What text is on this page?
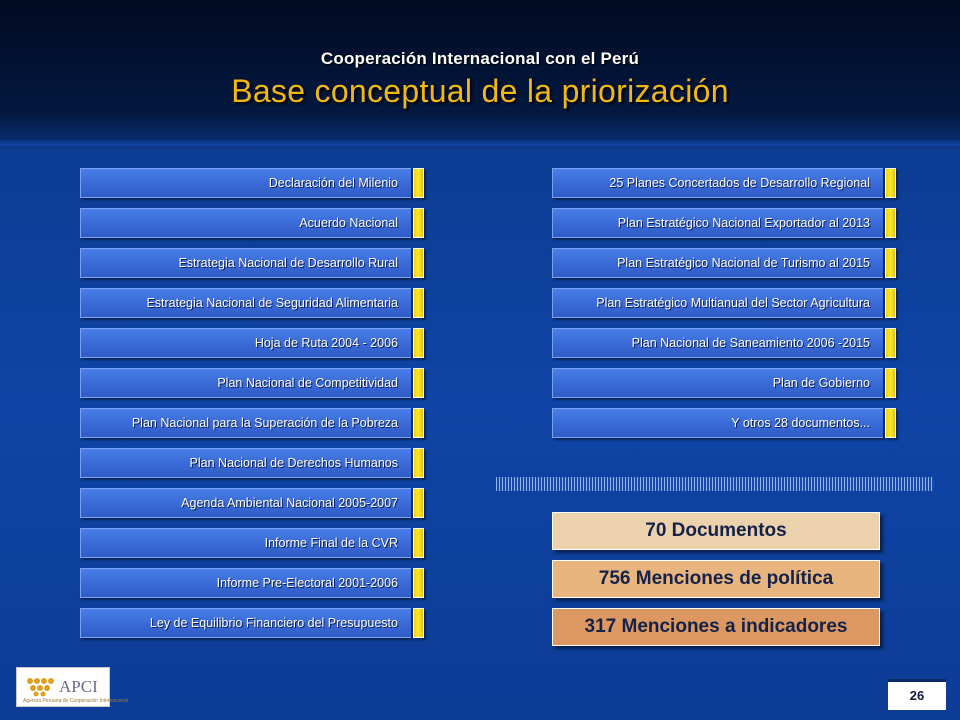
Cooperación Internacional con el Perú
Base conceptual de la priorización
Declaración del Milenio
Acuerdo Nacional
Estrategia Nacional de Desarrollo Rural
Estrategia Nacional de Seguridad Alimentaria
Hoja de Ruta 2004 - 2006
Plan Nacional de Competitividad
Plan Nacional para la Superación de la Pobreza
Plan Nacional de Derechos Humanos
Agenda Ambiental Nacional 2005-2007
Informe Final de la CVR
Informe Pre-Electoral 2001-2006
Ley de Equilibrio Financiero del Presupuesto
25 Planes Concertados de Desarrollo Regional
Plan Estratégico Nacional Exportador al 2013
Plan Estratégico Nacional de Turismo al 2015
Plan Estratégico Multianual del Sector Agricultura
Plan Nacional de Saneamiento 2006 -2015
Plan de Gobierno
Y otros 28 documentos...
70 Documentos
756 Menciones de política
317 Menciones a indicadores
APCI
Agencia Peruana de Cooperación Internacional	26
